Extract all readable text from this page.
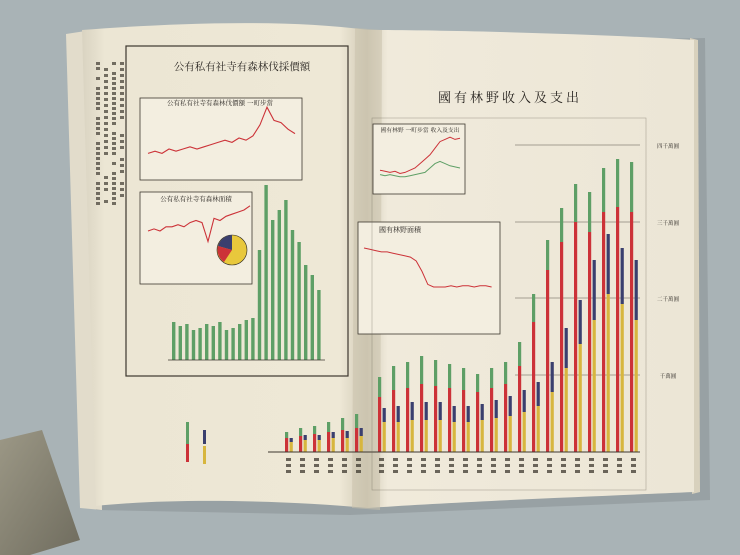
公有私有社寺有森林伐採價額
公有私有社寺有森林伐價額 一町步當
公有私有社寺有森林面積
國有林野收入及支出
四千萬圓
三千萬圓
二千萬圓
千萬圓
國有林野 一町步當 收入及支出
國有林野面積
